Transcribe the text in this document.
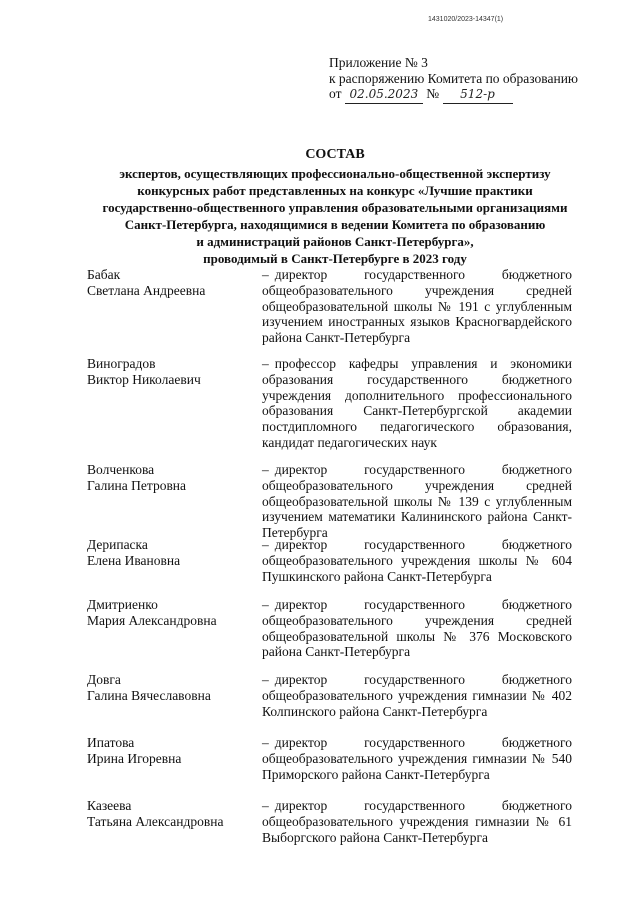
1431020/2023-14347(1)
Приложение № 3
к распоряжению Комитета по образованию
от 02.05.2023 № 512-р
СОСТАВ
экспертов, осуществляющих профессионально-общественной экспертизу
конкурсных работ представленных на конкурс «Лучшие практики
государственно-общественного управления образовательными организациями
Санкт-Петербурга, находящимися в ведении Комитета по образованию
и администраций районов Санкт-Петербурга»,
проводимый в Санкт-Петербурге в 2023 году
Бабак
Светлана Андреевна
– директор государственного бюджетного общеобразовательного учреждения средней общеобразовательной школы № 191 с углубленным изучением иностранных языков Красногвардейского района Санкт-Петербурга
Виноградов
Виктор Николаевич
– профессор кафедры управления и экономики образования государственного бюджетного учреждения дополнительного профессионального образования Санкт-Петербургской академии постдипломного педагогического образования, кандидат педагогических наук
Волченкова
Галина Петровна
– директор государственного бюджетного общеобразовательного учреждения средней общеобразовательной школы № 139 с углубленным изучением математики Калининского района Санкт-Петербурга
Дерипаска
Елена Ивановна
– директор государственного бюджетного общеобразовательного учреждения школы № 604 Пушкинского района Санкт-Петербурга
Дмитриенко
Мария Александровна
– директор государственного бюджетного общеобразовательного учреждения средней общеобразовательной школы № 376 Московского района Санкт-Петербурга
Довга
Галина Вячеславовна
– директор государственного бюджетного общеобразовательного учреждения гимназии № 402 Колпинского района Санкт-Петербурга
Ипатова
Ирина Игоревна
– директор государственного бюджетного общеобразовательного учреждения гимназии № 540 Приморского района Санкт-Петербурга
Казеева
Татьяна Александровна
– директор государственного бюджетного общеобразовательного учреждения гимназии № 61 Выборгского района Санкт-Петербурга
